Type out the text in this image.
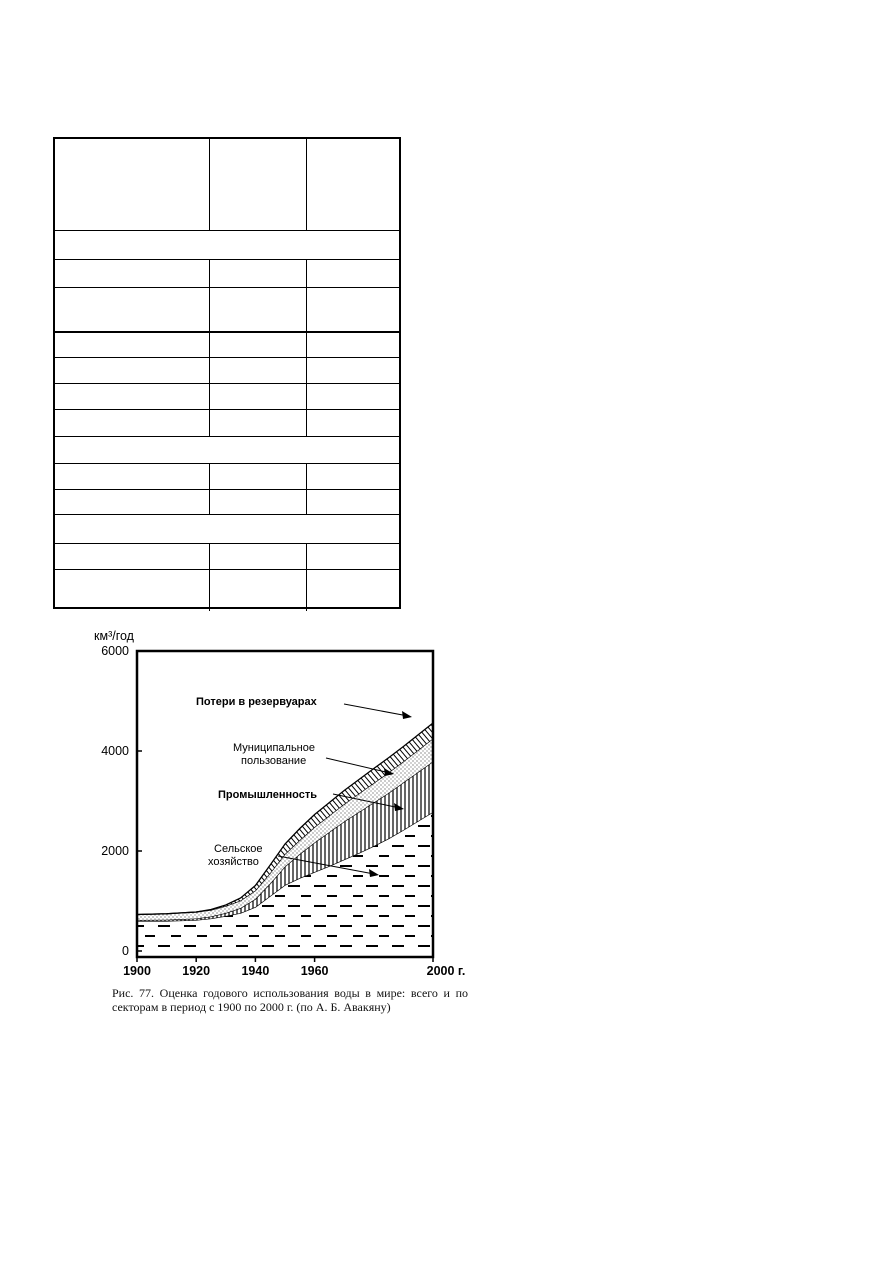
км³/год
0
2000
4000
6000
1900	1920	1940	1960	2000 г.
Потери в резервуарах
Муниципальное пользование
Промышленность
Сельское хозяйство
Рис. 77. Оценка годового использования воды в мире: всего и по секторам в период с 1900 по 2000 г. (по А. Б. Авакяну)
